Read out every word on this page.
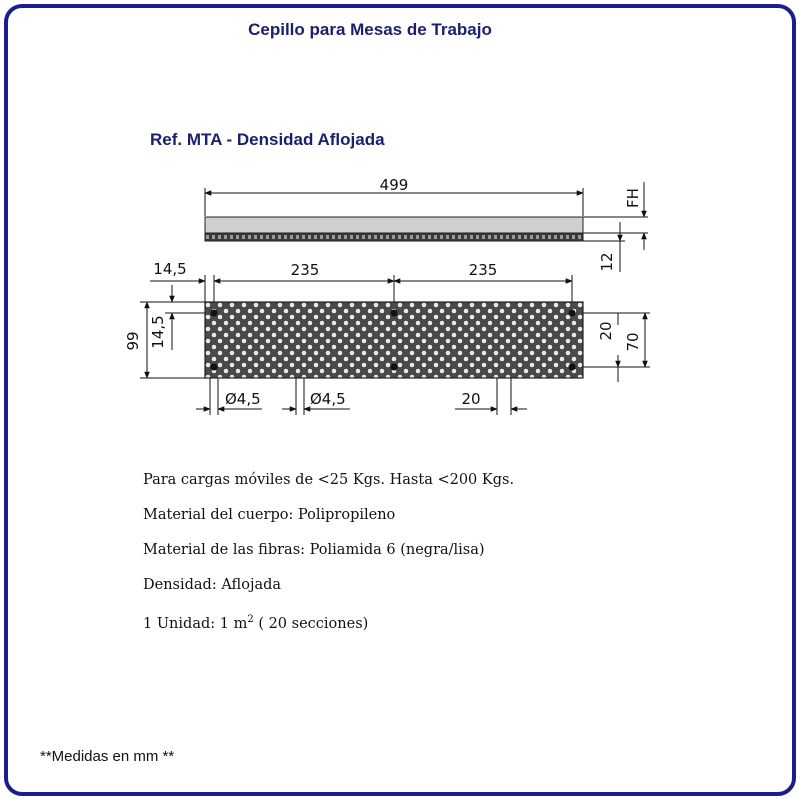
Cepillo para Mesas de Trabajo
Ref. MTA - Densidad Aflojada
499
FH
12
14,5	235	235
99 14,5	20
70
Ø4,5	Ø4,5	20
Para cargas móviles de <25 Kgs. Hasta <200 Kgs.
Material del cuerpo: Polipropileno
Material de las fibras: Poliamida 6 (negra/lisa)
Densidad: Aflojada
1 Unidad: 1 $m^2$ ( 20 secciones)
**Medidas en mm **
